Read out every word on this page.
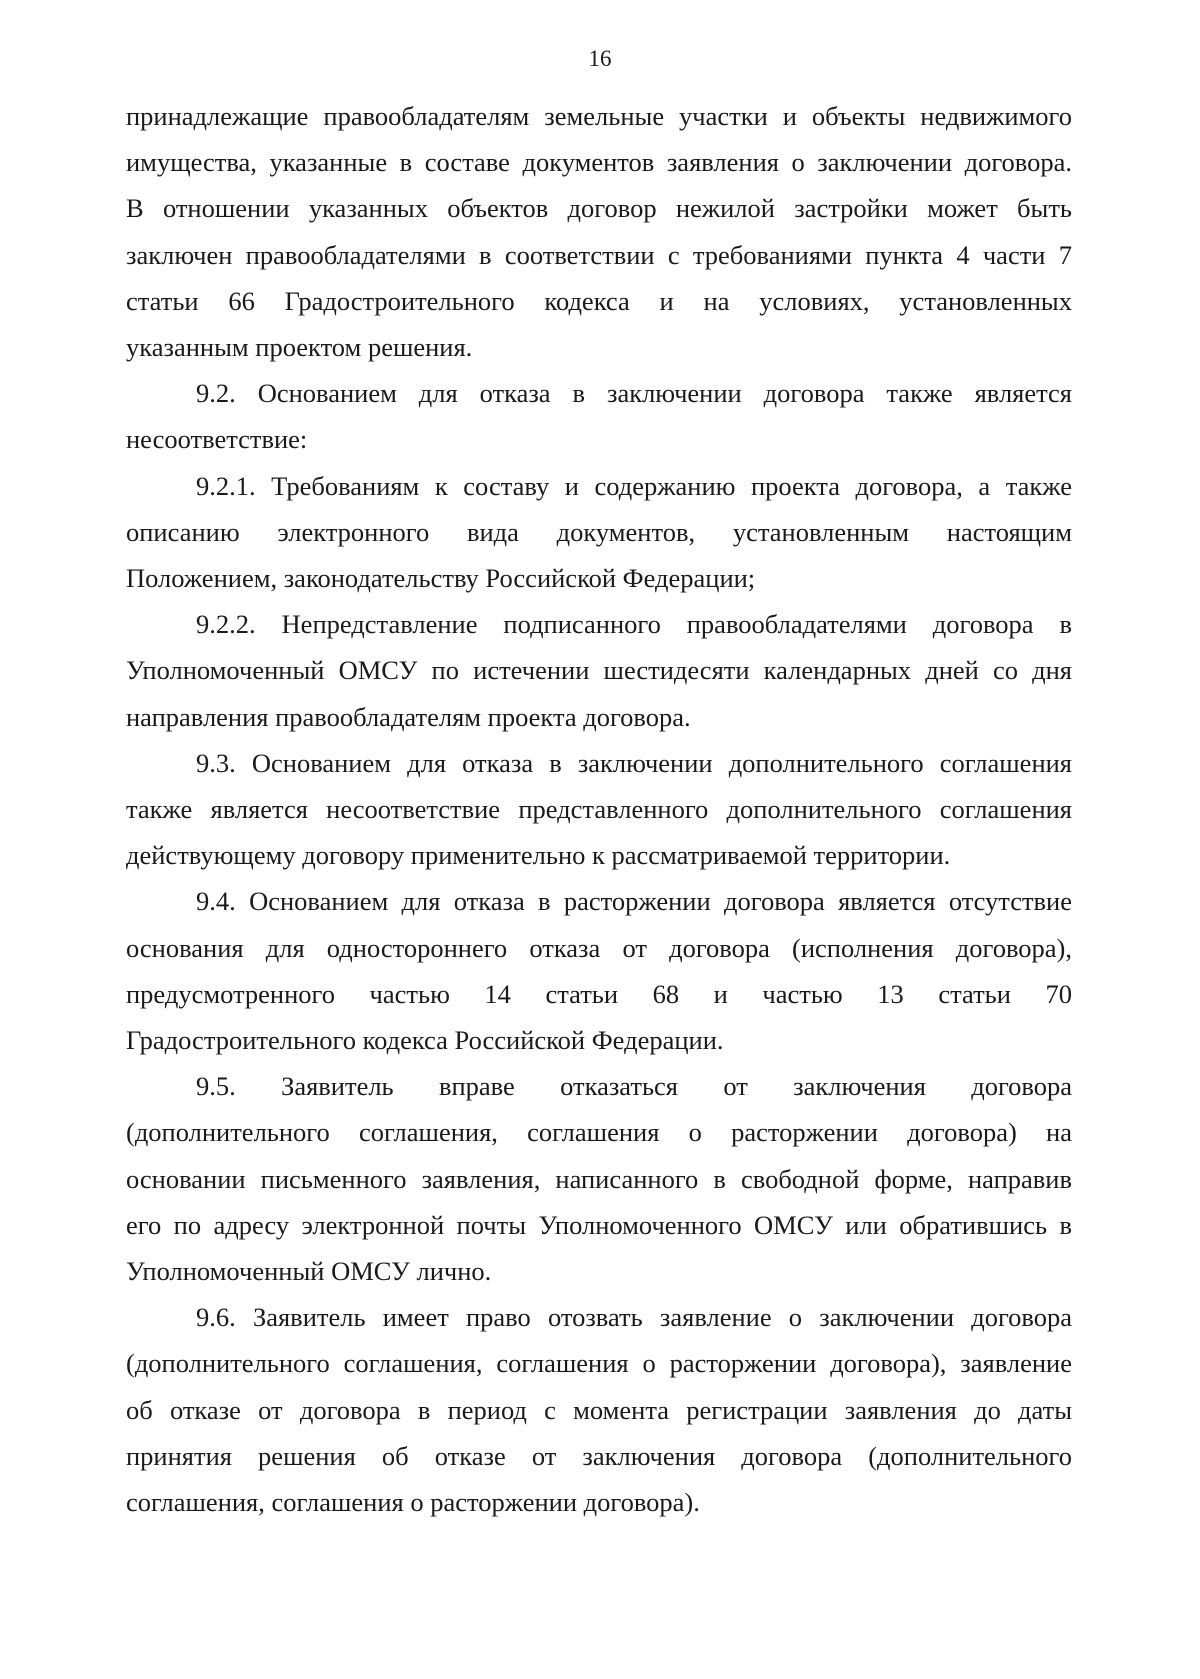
16
принадлежащие правообладателям земельные участки и объекты недвижимого
имущества, указанные в составе документов заявления о заключении договора.
В отношении указанных объектов договор нежилой застройки может быть
заключен правообладателями в соответствии с требованиями пункта 4 части 7
статьи 66 Градостроительного кодекса и на условиях, установленных
указанным проектом решения.
9.2. Основанием для отказа в заключении договора также является
несоответствие:
9.2.1. Требованиям к составу и содержанию проекта договора, а также
описанию электронного вида документов, установленным настоящим
Положением, законодательству Российской Федерации;
9.2.2. Непредставление подписанного правообладателями договора в
Уполномоченный ОМСУ по истечении шестидесяти календарных дней со дня
направления правообладателям проекта договора.
9.3. Основанием для отказа в заключении дополнительного соглашения
также является несоответствие представленного дополнительного соглашения
действующему договору применительно к рассматриваемой территории.
9.4. Основанием для отказа в расторжении договора является отсутствие
основания для одностороннего отказа от договора (исполнения договора),
предусмотренного частью 14 статьи 68 и частью 13 статьи 70
Градостроительного кодекса Российской Федерации.
9.5. Заявитель вправе отказаться от заключения договора
(дополнительного соглашения, соглашения о расторжении договора) на
основании письменного заявления, написанного в свободной форме, направив
его по адресу электронной почты Уполномоченного ОМСУ или обратившись в
Уполномоченный ОМСУ лично.
9.6. Заявитель имеет право отозвать заявление о заключении договора
(дополнительного соглашения, соглашения о расторжении договора), заявление
об отказе от договора в период с момента регистрации заявления до даты
принятия решения об отказе от заключения договора (дополнительного
соглашения, соглашения о расторжении договора).
